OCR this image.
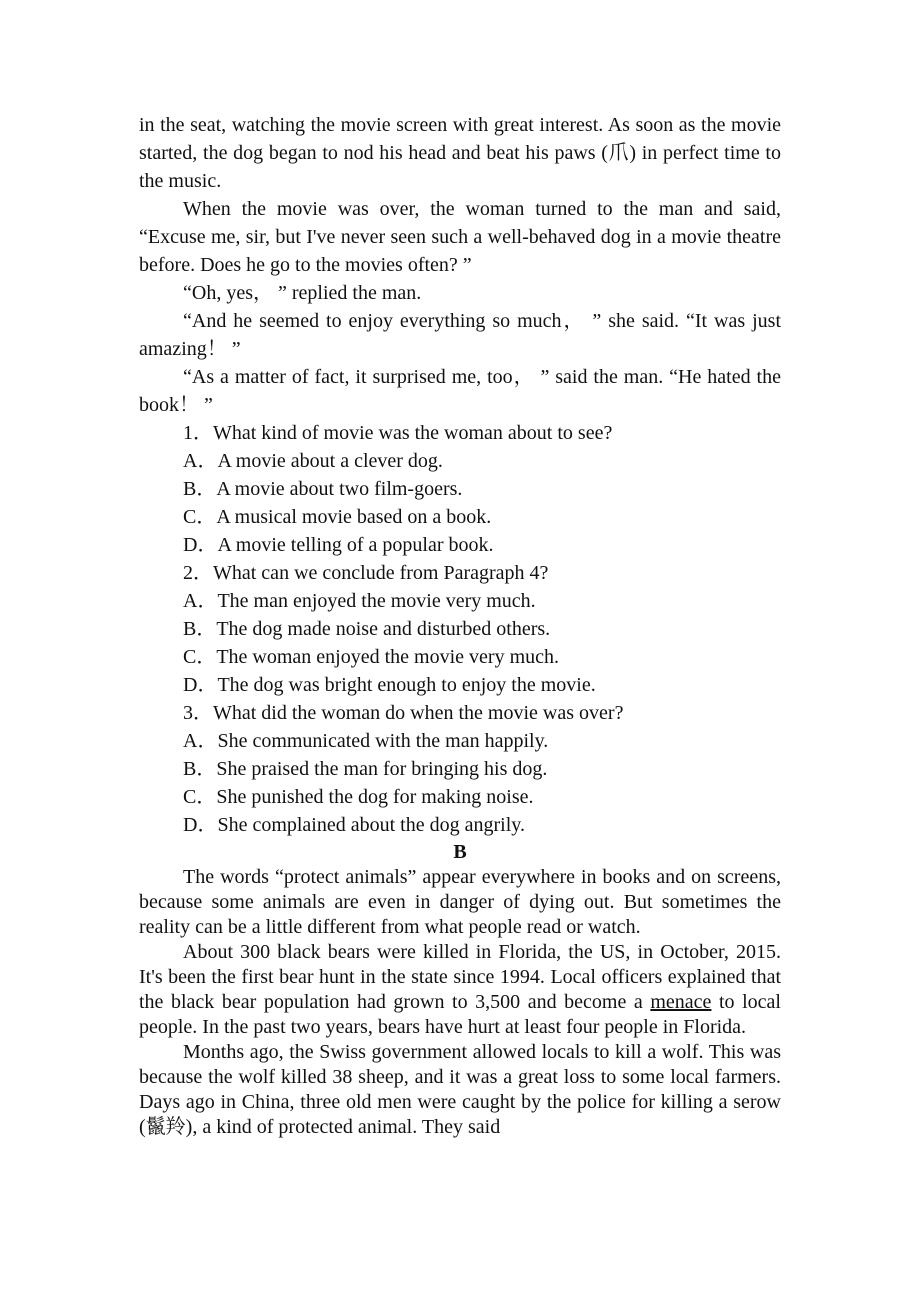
in the seat, watching the movie screen with great interest. As soon as the movie started, the dog began to nod his head and beat his paws (爪) in perfect time to the music.

When the movie was over, the woman turned to the man and said, “Excuse me, sir, but I've never seen such a well-behaved dog in a movie theatre before. Does he go to the movies often? ”

“Oh, yes， ” replied the man.

“And he seemed to enjoy everything so much， ” she said. “It was just amazing！ ”

“As a matter of fact, it surprised me, too， ” said the man. “He hated the book！ ”

1．What kind of movie was the woman about to see?

A．A movie about a clever dog.

B．A movie about two film-goers.

C．A musical movie based on a book.

D．A movie telling of a popular book.

2．What can we conclude from Paragraph 4?

A．The man enjoyed the movie very much.

B．The dog made noise and disturbed others.

C．The woman enjoyed the movie very much.

D．The dog was bright enough to enjoy the movie.

3．What did the woman do when the movie was over?

A．She communicated with the man happily.

B．She praised the man for bringing his dog.

C．She punished the dog for making noise.

D．She complained about the dog angrily.

B

The words “protect animals” appear everywhere in books and on screens, because some animals are even in danger of dying out. But sometimes the reality can be a little different from what people read or watch.

About 300 black bears were killed in Florida, the US, in October, 2015. It's been the first bear hunt in the state since 1994. Local officers explained that the black bear population had grown to 3,500 and become a menace to local people. In the past two years, bears have hurt at least four people in Florida.

Months ago, the Swiss government allowed locals to kill a wolf. This was because the wolf killed 38 sheep, and it was a great loss to some local farmers. Days ago in China, three old men were caught by the police for killing a serow (鬣羚), a kind of protected animal. They said
